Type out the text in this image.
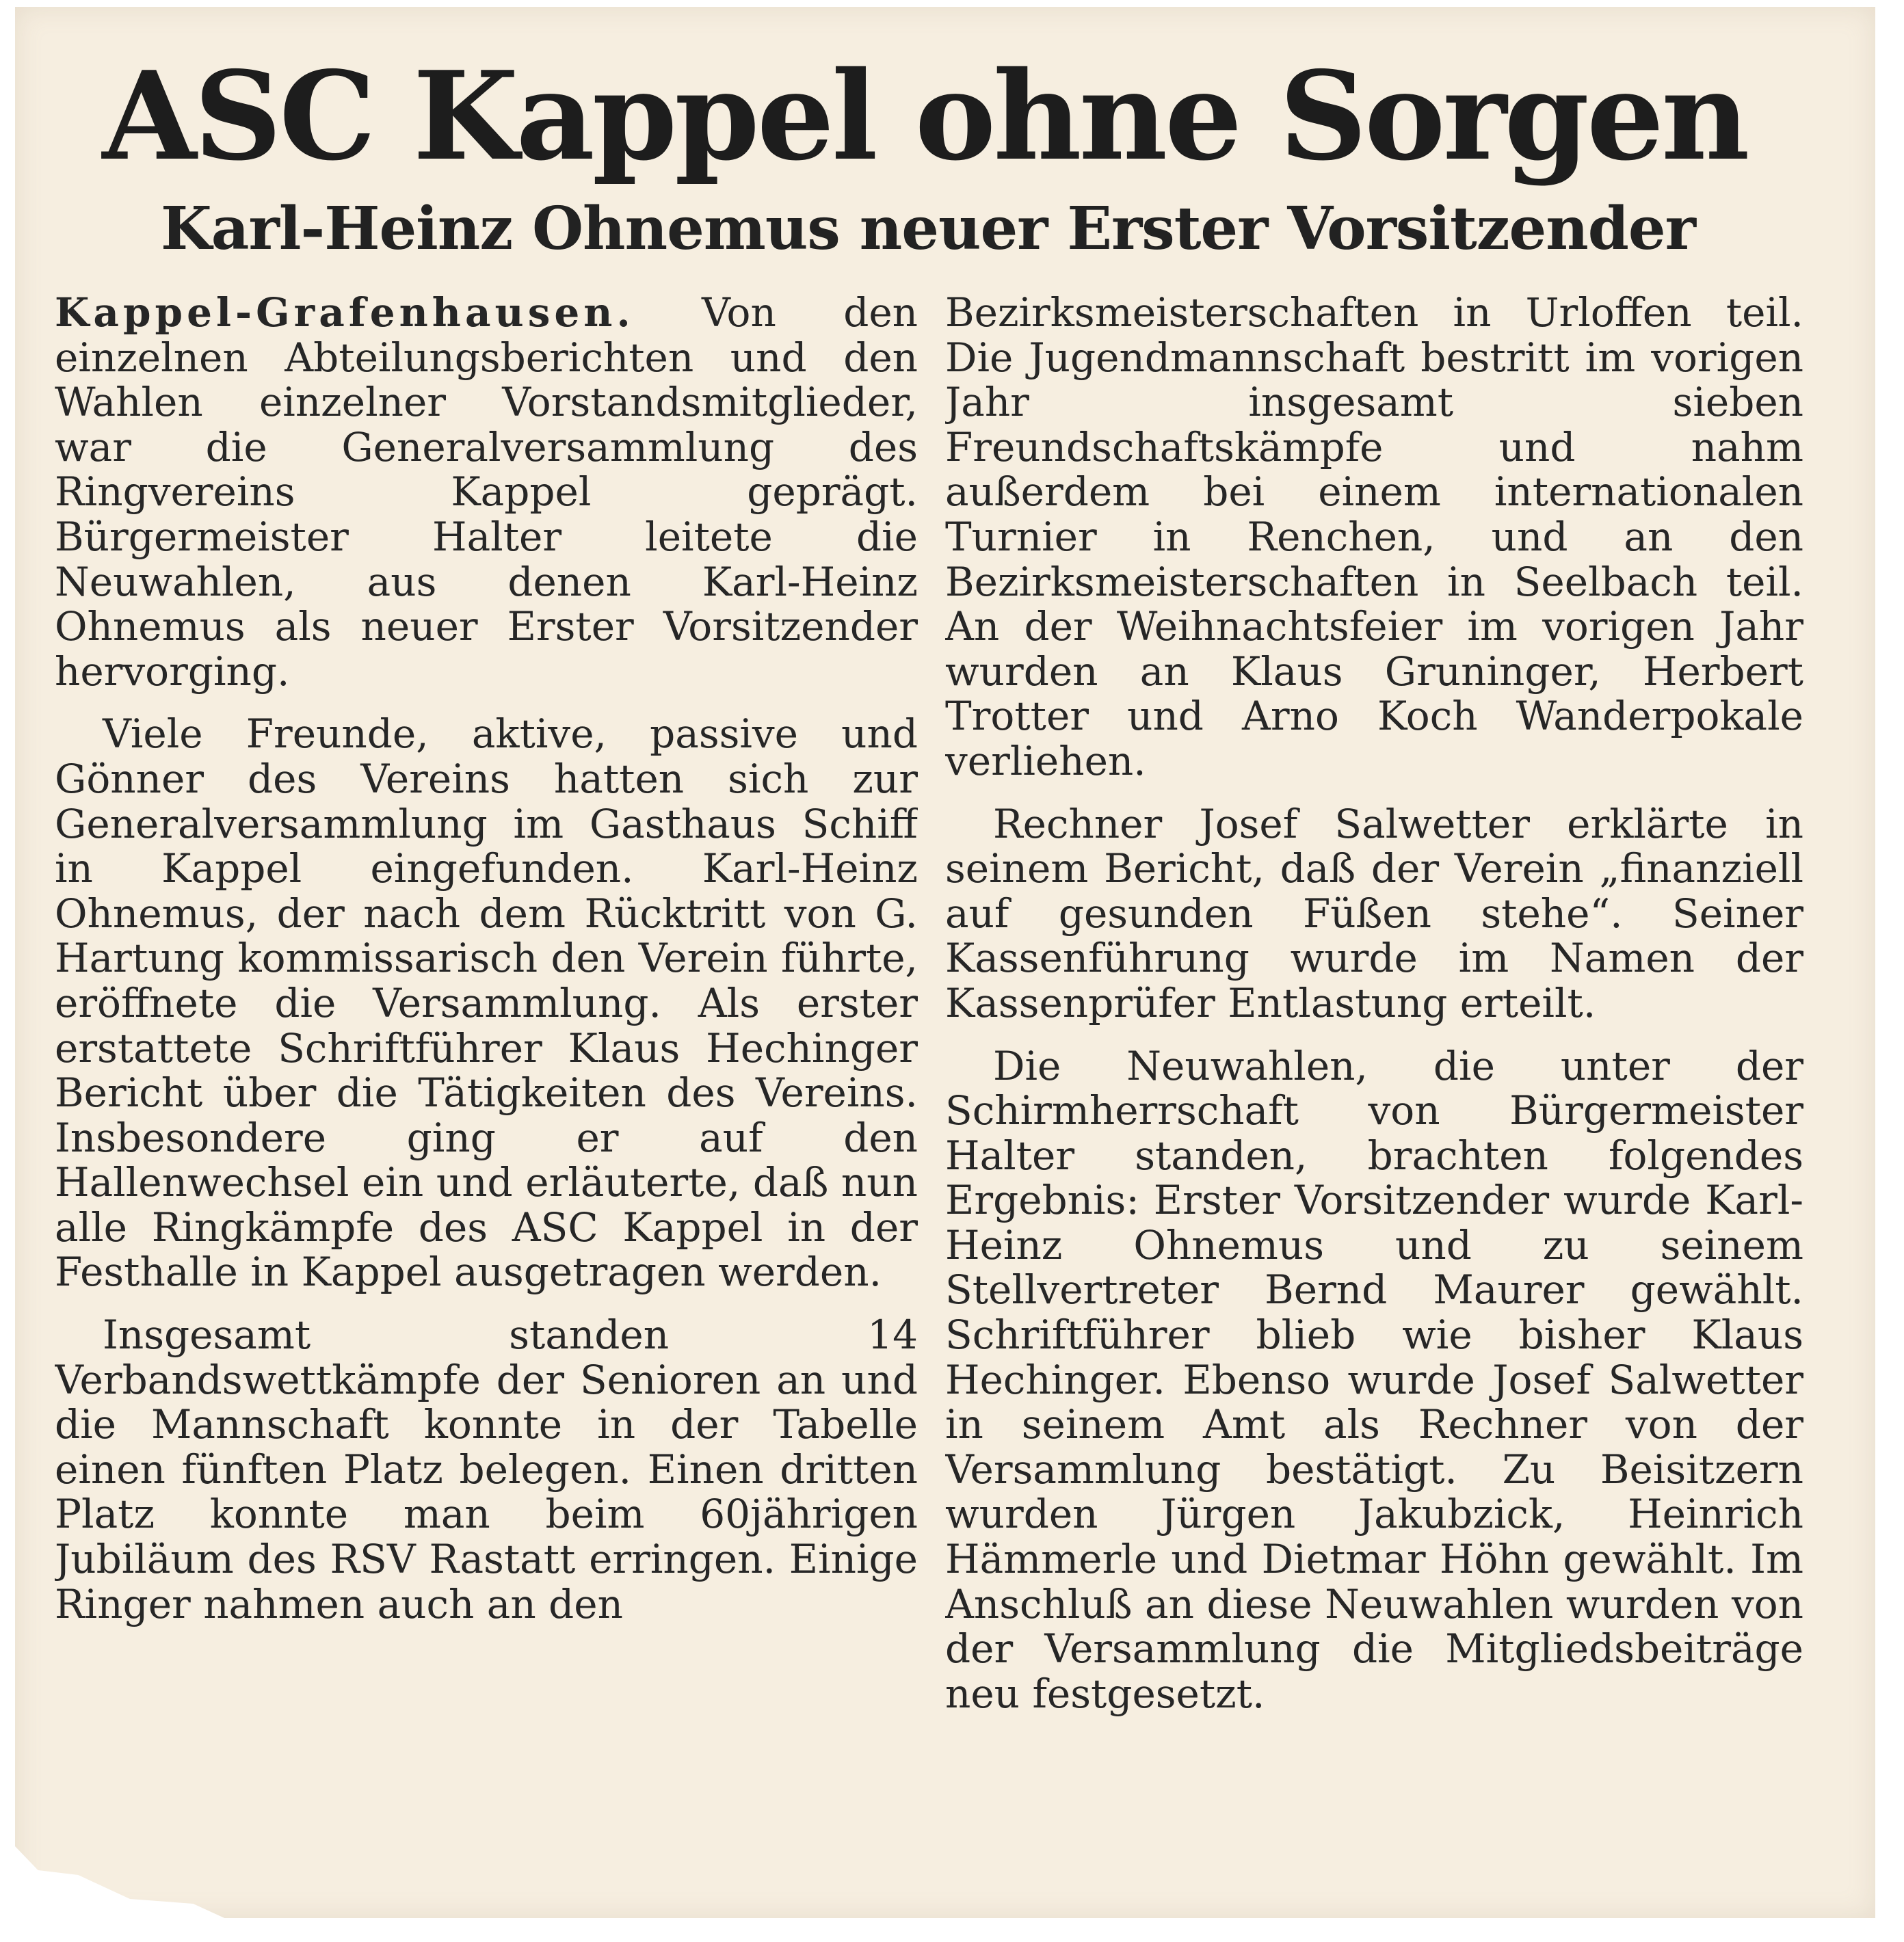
ASC Kappel ohne Sorgen
Karl-Heinz Ohnemus neuer Erster Vorsitzender

Kappel-Grafenhausen. Von den einzelnen Abteilungsberichten und den Wahlen einzelner Vorstandsmitglieder, war die Generalversammlung des Ringvereins Kappel geprägt. Bürgermeister Halter leitete die Neuwahlen, aus denen Karl-Heinz Ohnemus als neuer Erster Vorsitzender hervorging.

Viele Freunde, aktive, passive und Gönner des Vereins hatten sich zur Generalversammlung im Gasthaus Schiff in Kappel eingefunden. Karl-Heinz Ohnemus, der nach dem Rücktritt von G. Hartung kommissarisch den Verein führte, eröffnete die Versammlung. Als erster erstattete Schriftführer Klaus Hechinger Bericht über die Tätigkeiten des Vereins. Insbesondere ging er auf den Hallenwechsel ein und erläuterte, daß nun alle Ringkämpfe des ASC Kappel in der Festhalle in Kappel ausgetragen werden.

Insgesamt standen 14 Verbandswettkämpfe der Senioren an und die Mannschaft konnte in der Tabelle einen fünften Platz belegen. Einen dritten Platz konnte man beim 60jährigen Jubiläum des RSV Rastatt erringen. Einige Ringer nahmen auch an den

Bezirksmeisterschaften in Urloffen teil. Die Jugendmannschaft bestritt im vorigen Jahr insgesamt sieben Freundschaftskämpfe und nahm außerdem bei einem internationalen Turnier in Renchen, und an den Bezirksmeisterschaften in Seelbach teil. An der Weihnachtsfeier im vorigen Jahr wurden an Klaus Gruninger, Herbert Trotter und Arno Koch Wanderpokale verliehen.

Rechner Josef Salwetter erklärte in seinem Bericht, daß der Verein „finanziell auf gesunden Füßen stehe“. Seiner Kassenführung wurde im Namen der Kassenprüfer Entlastung erteilt.

Die Neuwahlen, die unter der Schirmherrschaft von Bürgermeister Halter standen, brachten folgendes Ergebnis: Erster Vorsitzender wurde Karl-Heinz Ohnemus und zu seinem Stellvertreter Bernd Maurer gewählt. Schriftführer blieb wie bisher Klaus Hechinger. Ebenso wurde Josef Salwetter in seinem Amt als Rechner von der Versammlung bestätigt. Zu Beisitzern wurden Jürgen Jakubzick, Heinrich Hämmerle und Dietmar Höhn gewählt. Im Anschluß an diese Neuwahlen wurden von der Versammlung die Mitgliedsbeiträge neu festgesetzt.
